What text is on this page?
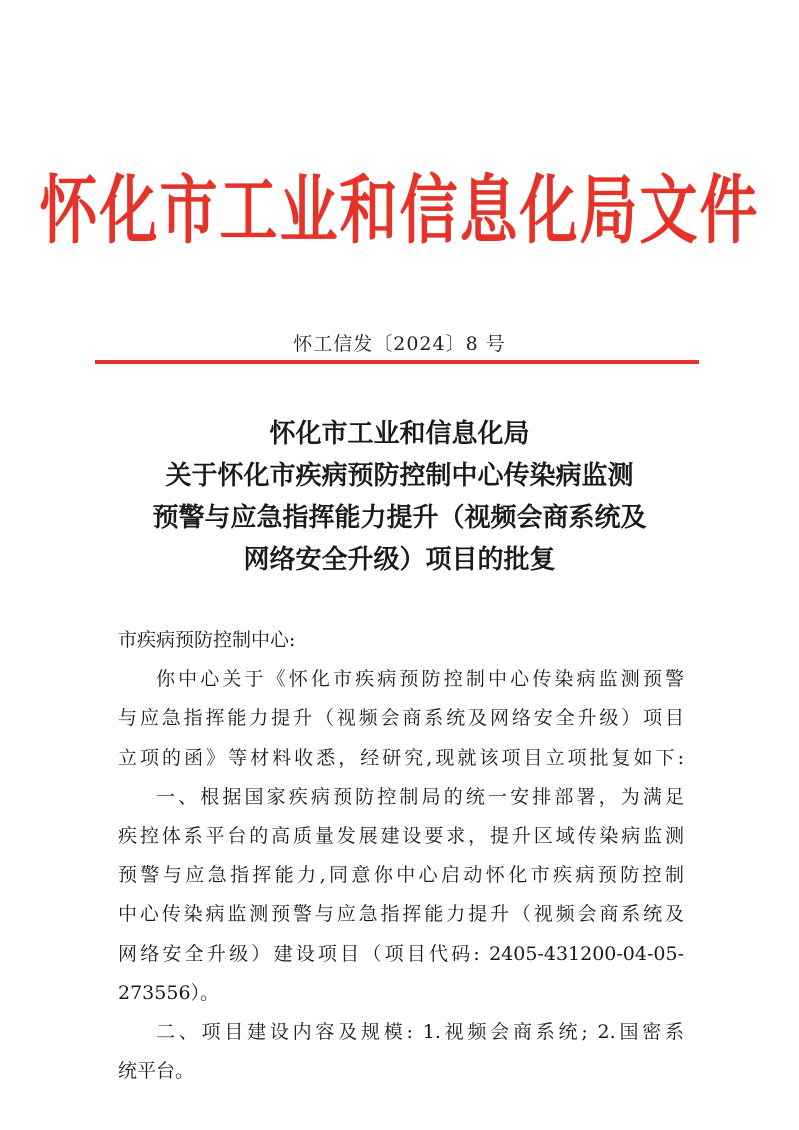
怀化市工业和信息化局文件
怀工信发〔2024〕8 号
怀化市工业和信息化局
关于怀化市疾病预防控制中心传染病监测
预警与应急指挥能力提升（视频会商系统及
网络安全升级）项目的批复
市疾病预防控制中心:
你中心关于《怀化市疾病预防控制中心传染病监测预警
与应急指挥能力提升（视频会商系统及网络安全升级）项目
立项的函》等材料收悉，经研究,现就该项目立项批复如下:
一、根据国家疾病预防控制局的统一安排部署，为满足
疾控体系平台的高质量发展建设要求，提升区域传染病监测
预警与应急指挥能力,同意你中心启动怀化市疾病预防控制
中心传染病监测预警与应急指挥能力提升（视频会商系统及
网络安全升级）建设项目（项目代码: 2405-431200-04-05-
273556）。
二、项目建设内容及规模: 1.视频会商系统; 2.国密系
统平台。
